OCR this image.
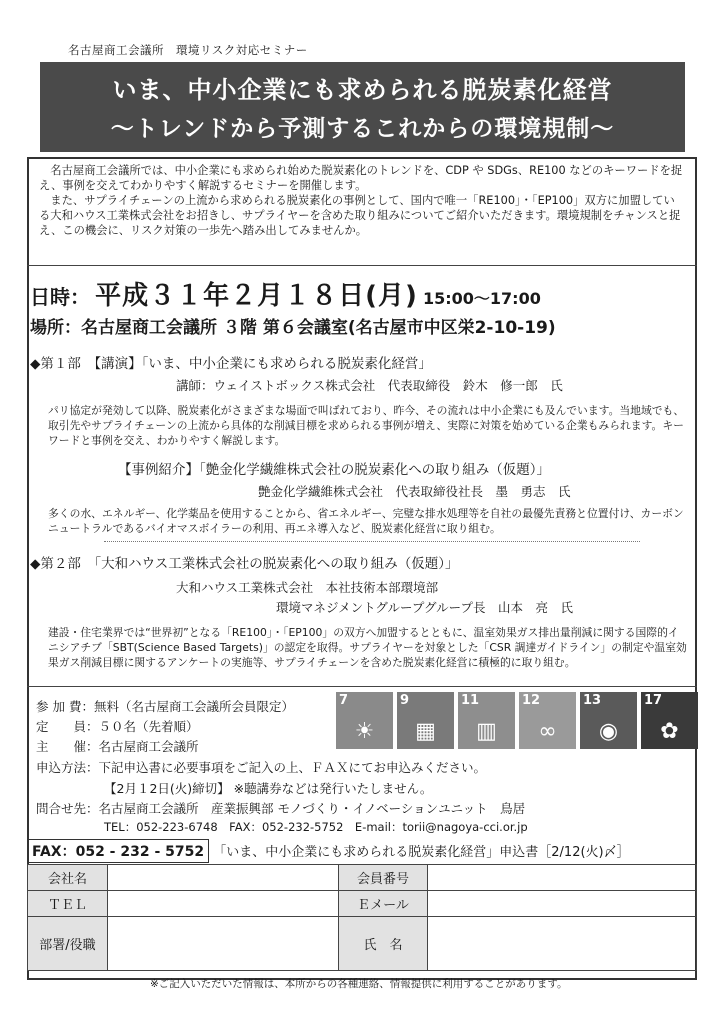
名古屋商工会議所　環境リスク対応セミナー
いま、中小企業にも求められる脱炭素化経営
～トレンドから予測するこれからの環境規制～

名古屋商工会議所では、中小企業にも求められ始めた脱炭素化のトレンドを、CDP や SDGs、RE100 などのキーワードを捉え、事例を交えてわかりやすく解説するセミナーを開催します。

また、サプライチェーンの上流から求められる脱炭素化の事例として、国内で唯一「RE100」・「EP100」双方に加盟している大和ハウス工業株式会社をお招きし、サプライヤーを含めた取り組みについてご紹介いただきます。環境規制をチャンスと捉え、この機会に、リスク対策の一歩先へ踏み出してみませんか。

日時： 平成３１年２月１８日(月) 15:00～17:00
場所：名古屋商工会議所 ３階 第６会議室(名古屋市中区栄2-10-19)
◆第１部　【講演】「いま、中小企業にも求められる脱炭素化経営」
講師：ウェイストボックス株式会社　代表取締役　鈴木　修一郎　氏
パリ協定が発効して以降、脱炭素化がさまざまな場面で叫ばれており、昨今、その流れは中小企業にも及んでいます。当地域でも、取引先やサプライチェーンの上流から具体的な削減目標を求められる事例が増え、実際に対策を始めている企業もみられます。キーワードと事例を交え、わかりやすく解説します。
【事例紹介】「艶金化学繊維株式会社の脱炭素化への取り組み（仮題）」
艶金化学繊維株式会社　代表取締役社長　墨　勇志　氏
多くの水、エネルギー、化学薬品を使用することから、省エネルギー、完璧な排水処理等を自社の最優先責務と位置付け、カーボンニュートラルであるバイオマスボイラーの利用、再エネ導入など、脱炭素化経営に取り組む。
◆第２部　「大和ハウス工業株式会社の脱炭素化への取り組み（仮題）」
大和ハウス工業株式会社　本社技術本部環境部
環境マネジメントグループグループ長　山本　亮　氏
建設・住宅業界では“世界初”となる「RE100」・「EP100」の双方へ加盟するとともに、温室効果ガス排出量削減に関する国際的イニシアチブ「SBT(Science Based Targets)」の認定を取得。サプライヤーを対象とした「CSR 調達ガイドライン」の制定や温室効果ガス削減目標に関するアンケートの実施等、サプライチェーンを含めた脱炭素化経営に積極的に取り組む。
参 加 費：無料（名古屋商工会議所会員限定）
定　　員：５０名（先着順）
主　　催：名古屋商工会議所
申込方法：下記申込書に必要事項をご記入の上、ＦＡＸにてお申込みください。
【2月１2日(火)締切】 ※聴講券などは発行いたしません。
問合せ先：名古屋商工会議所　産業振興部 モノづくり・イノベーションユニット　鳥居
TEL：052-223-6748　FAX：052-232-5752　E-mail：torii@nagoya-cci.or.jp
7
☀
9
▦
11
▥
12
∞
13
◉
17
✿
FAX：052 - 232 - 5752 「いま、中小企業にも求められる脱炭素化経営」申込書［2/12(火)〆］
会社名		会員番号	
ＴＥＬ		Ｅメール	
部署/役職		氏　名	
※ご記入いただいた情報は、本所からの各種連絡、情報提供に利用することがあります。
